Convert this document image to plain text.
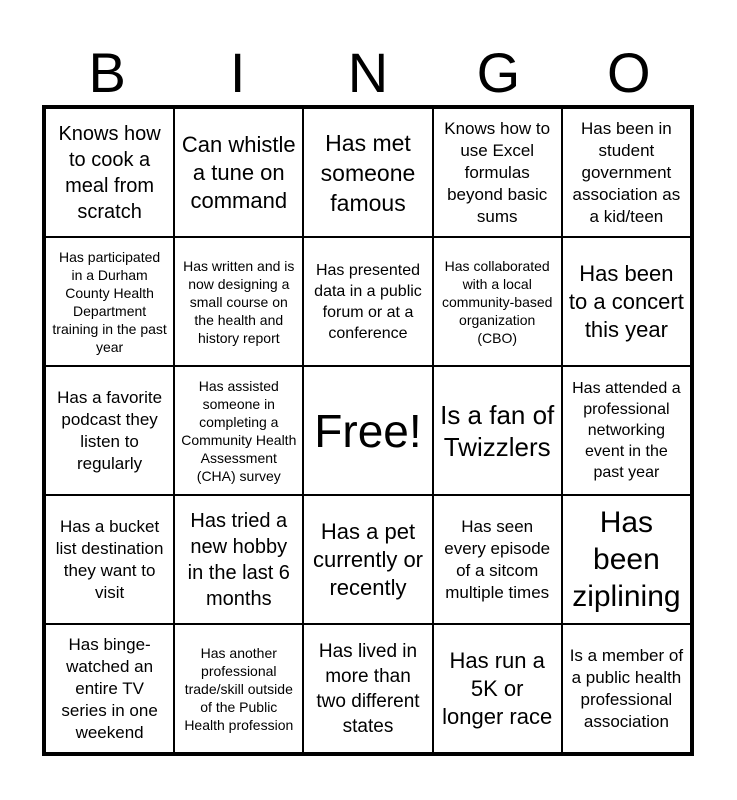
B	I	N	G	O
Knows how to cook a meal from scratch
Can whistle a tune on command
Has met someone famous
Knows how to use Excel formulas beyond basic sums
Has been in student government association as a kid/teen
Has participated in a Durham County Health Department training in the past year
Has written and is now designing a small course on the health and history report
Has presented data in a public forum or at a conference
Has collaborated with a local community-based organization (CBO)
Has been to a concert this year
Has a favorite podcast they listen to regularly
Has assisted someone in completing a Community Health Assessment (CHA) survey
Free! Is a fan of Twizzlers
Has attended a professional networking event in the past year
Has a bucket list destination they want to visit
Has tried a new hobby in the last 6 months
Has a pet currently or recently
Has seen every episode of a sitcom multiple times
Has been ziplining
Has binge-watched an entire TV series in one weekend
Has another professional trade/skill outside of the Public Health profession
Has lived in more than two different states
Has run a 5K or longer race
Is a member of a public health professional association
